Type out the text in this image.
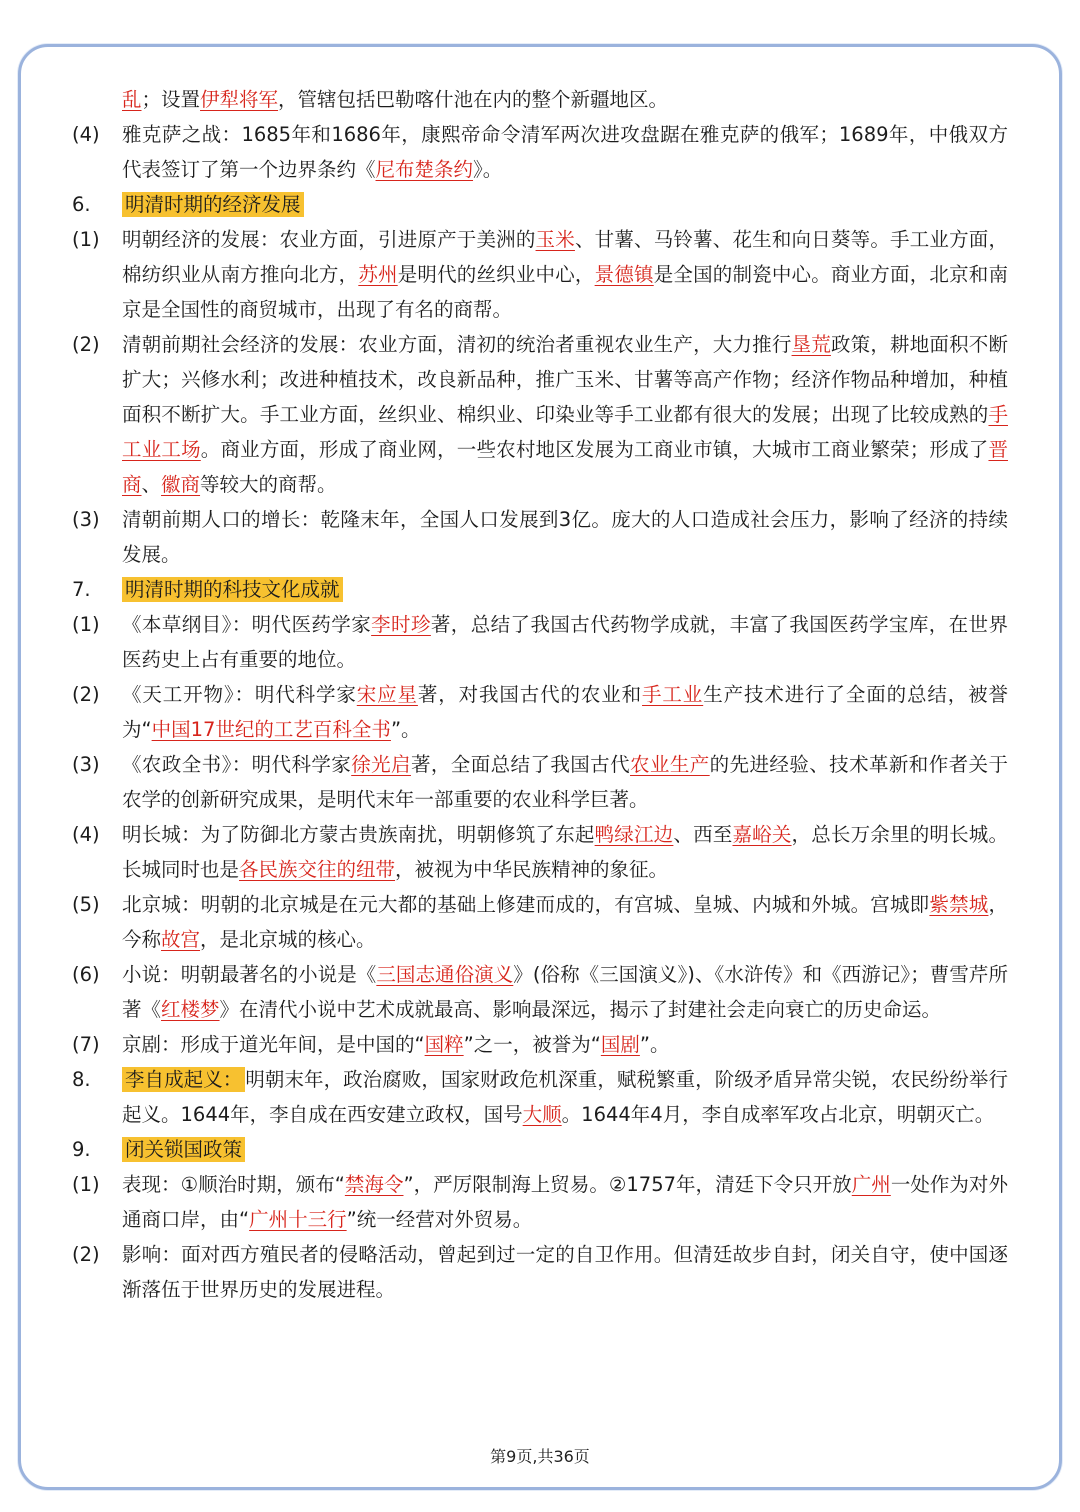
乱；设置伊犁将军，管辖包括巴勒喀什池在内的整个新疆地区。
(4)	雅克萨之战：1685年和1686年，康熙帝命令清军两次进攻盘踞在雅克萨的俄军；1689年，中俄双方代表签订了第一个边界条约《尼布楚条约》。
6.	明清时期的经济发展
(1)	明朝经济的发展：农业方面，引进原产于美洲的玉米、甘薯、马铃薯、花生和向日葵等。手工业方面，棉纺织业从南方推向北方，苏州是明代的丝织业中心，景德镇是全国的制瓷中心。商业方面，北京和南京是全国性的商贸城市，出现了有名的商帮。
(2)	清朝前期社会经济的发展：农业方面，清初的统治者重视农业生产，大力推行垦荒政策，耕地面积不断扩大；兴修水利；改进种植技术，改良新品种，推广玉米、甘薯等高产作物；经济作物品种增加，种植面积不断扩大。手工业方面，丝织业、棉织业、印染业等手工业都有很大的发展；出现了比较成熟的手工业工场。商业方面，形成了商业网，一些农村地区发展为工商业市镇，大城市工商业繁荣；形成了晋商、徽商等较大的商帮。
(3)	清朝前期人口的增长：乾隆末年，全国人口发展到3亿。庞大的人口造成社会压力，影响了经济的持续发展。
7.	明清时期的科技文化成就
(1)	《本草纲目》：明代医药学家李时珍著，总结了我国古代药物学成就，丰富了我国医药学宝库，在世界医药史上占有重要的地位。
(2)	《天工开物》：明代科学家宋应星著，对我国古代的农业和手工业生产技术进行了全面的总结，被誉为“中国17世纪的工艺百科全书”。
(3)	《农政全书》：明代科学家徐光启著，全面总结了我国古代农业生产的先进经验、技术革新和作者关于农学的创新研究成果，是明代末年一部重要的农业科学巨著。
(4)	明长城：为了防御北方蒙古贵族南扰，明朝修筑了东起鸭绿江边、西至嘉峪关，总长万余里的明长城。长城同时也是各民族交往的纽带，被视为中华民族精神的象征。
(5)	北京城：明朝的北京城是在元大都的基础上修建而成的，有宫城、皇城、内城和外城。宫城即紫禁城，今称故宫，是北京城的核心。
(6)	小说：明朝最著名的小说是《三国志通俗演义》(俗称《三国演义》)、《水浒传》和《西游记》；曹雪芹所著《红楼梦》在清代小说中艺术成就最高、影响最深远，揭示了封建社会走向衰亡的历史命运。
(7)	京剧：形成于道光年间，是中国的“国粹”之一，被誉为“国剧”。
8.	李自成起义： 明朝末年，政治腐败，国家财政危机深重，赋税繁重，阶级矛盾异常尖锐，农民纷纷举行起义。1644年，李自成在西安建立政权，国号大顺。1644年4月，李自成率军攻占北京，明朝灭亡。
9.	闭关锁国政策
(1)	表现：①顺治时期，颁布“禁海令”，严厉限制海上贸易。②1757年，清廷下令只开放广州一处作为对外通商口岸，由“广州十三行”统一经营对外贸易。
(2)	影响：面对西方殖民者的侵略活动，曾起到过一定的自卫作用。但清廷故步自封，闭关自守，使中国逐渐落伍于世界历史的发展进程。
第9页,共36页
